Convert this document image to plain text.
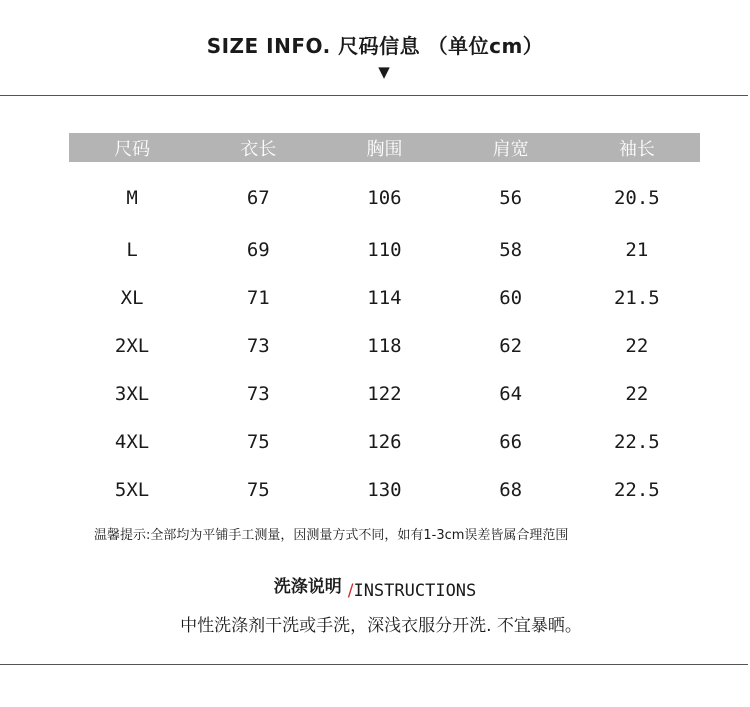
SIZE INFO. 尺码信息 （单位cm）
▼
尺码	衣长	胸围	肩宽	袖长
M	67	106	56	20.5
L	69	110	58	21
XL	71	114	60	21.5
2XL	73	118	62	22
3XL	73	122	64	22
4XL	75	126	66	22.5
5XL	75	130	68	22.5
温馨提示:全部均为平铺手工测量，因测量方式不同，如有1-3cm误差皆属合理范围
洗涤说明 /INSTRUCTIONS
中性洗涤剂干洗或手洗，深浅衣服分开洗. 不宜暴晒。
